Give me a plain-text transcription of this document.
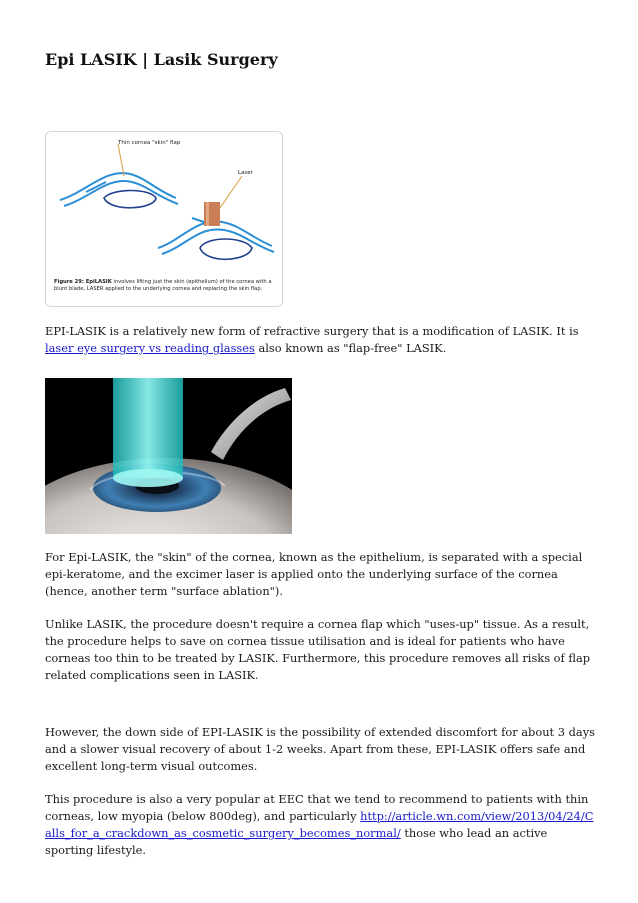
Epi LASIK | Lasik Surgery
Thin cornea "skin" flap
Laser
Figure 29: EpiLASIK involves lifting just the skin (epithelium) of the cornea with a blunt blade, LASER applied to the underlying cornea and replacing the skin flap.

EPI-LASIK is a relatively new form of refractive surgery that is a modification of LASIK. It is laser eye surgery vs reading glasses also known as "flap-free" LASIK.

For Epi-LASIK, the "skin" of the cornea, known as the epithelium, is separated with a special epi-keratome, and the excimer laser is applied onto the underlying surface of the cornea (hence, another term "surface ablation").

Unlike LASIK, the procedure doesn't require a cornea flap which "uses-up" tissue. As a result, the procedure helps to save on cornea tissue utilisation and is ideal for patients who have corneas too thin to be treated by LASIK. Furthermore, this procedure removes all risks of flap related complications seen in LASIK.

However, the down side of EPI-LASIK is the possibility of extended discomfort for about 3 days and a slower visual recovery of about 1-2 weeks. Apart from these, EPI-LASIK offers safe and excellent long-term visual outcomes.

This procedure is also a very popular at EEC that we tend to recommend to patients with thin corneas, low myopia (below 800deg), and particularly http://article.wn.com/view/2013/04/24/Calls_for_a_crackdown_as_cosmetic_surgery_becomes_normal/ those who lead an active sporting lifestyle.
